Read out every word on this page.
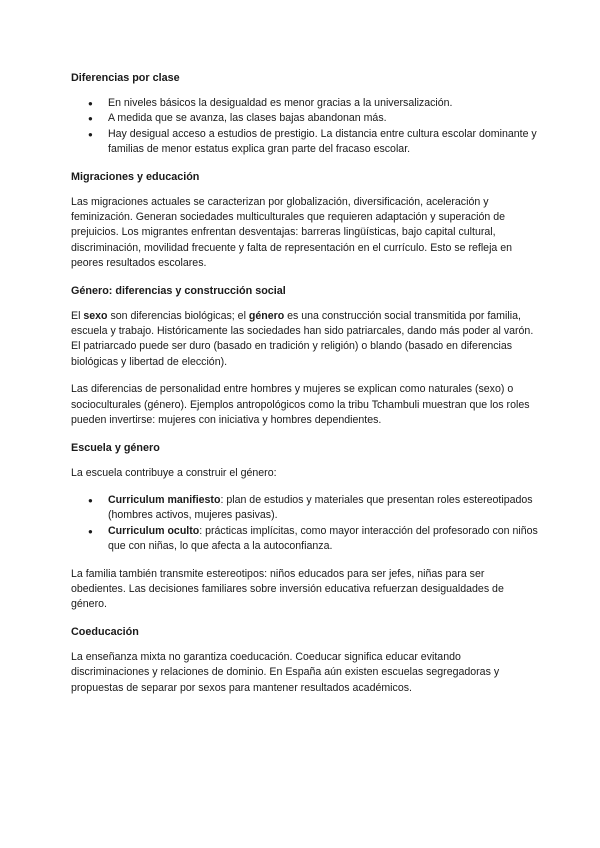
Diferencias por clase
● En niveles básicos la desigualdad es menor gracias a la universalización.
● A medida que se avanza, las clases bajas abandonan más.
● Hay desigual acceso a estudios de prestigio. La distancia entre cultura escolar dominante y familias de menor estatus explica gran parte del fracaso escolar.
Migraciones y educación

Las migraciones actuales se caracterizan por globalización, diversificación, aceleración y feminización. Generan sociedades multiculturales que requieren adaptación y superación de prejuicios. Los migrantes enfrentan desventajas: barreras lingüísticas, bajo capital cultural, discriminación, movilidad frecuente y falta de representación en el currículo. Esto se refleja en peores resultados escolares.

Género: diferencias y construcción social

El sexo son diferencias biológicas; el género es una construcción social transmitida por familia, escuela y trabajo. Históricamente las sociedades han sido patriarcales, dando más poder al varón. El patriarcado puede ser duro (basado en tradición y religión) o blando (basado en diferencias biológicas y libertad de elección).

Las diferencias de personalidad entre hombres y mujeres se explican como naturales (sexo) o socioculturales (género). Ejemplos antropológicos como la tribu Tchambuli muestran que los roles pueden invertirse: mujeres con iniciativa y hombres dependientes.

Escuela y género

La escuela contribuye a construir el género:

● Curriculum manifiesto: plan de estudios y materiales que presentan roles estereotipados (hombres activos, mujeres pasivas).
● Curriculum oculto: prácticas implícitas, como mayor interacción del profesorado con niños que con niñas, lo que afecta a la autoconfianza.

La familia también transmite estereotipos: niños educados para ser jefes, niñas para ser obedientes. Las decisiones familiares sobre inversión educativa refuerzan desigualdades de género.

Coeducación

La enseñanza mixta no garantiza coeducación. Coeducar significa educar evitando discriminaciones y relaciones de dominio. En España aún existen escuelas segregadoras y propuestas de separar por sexos para mantener resultados académicos.
